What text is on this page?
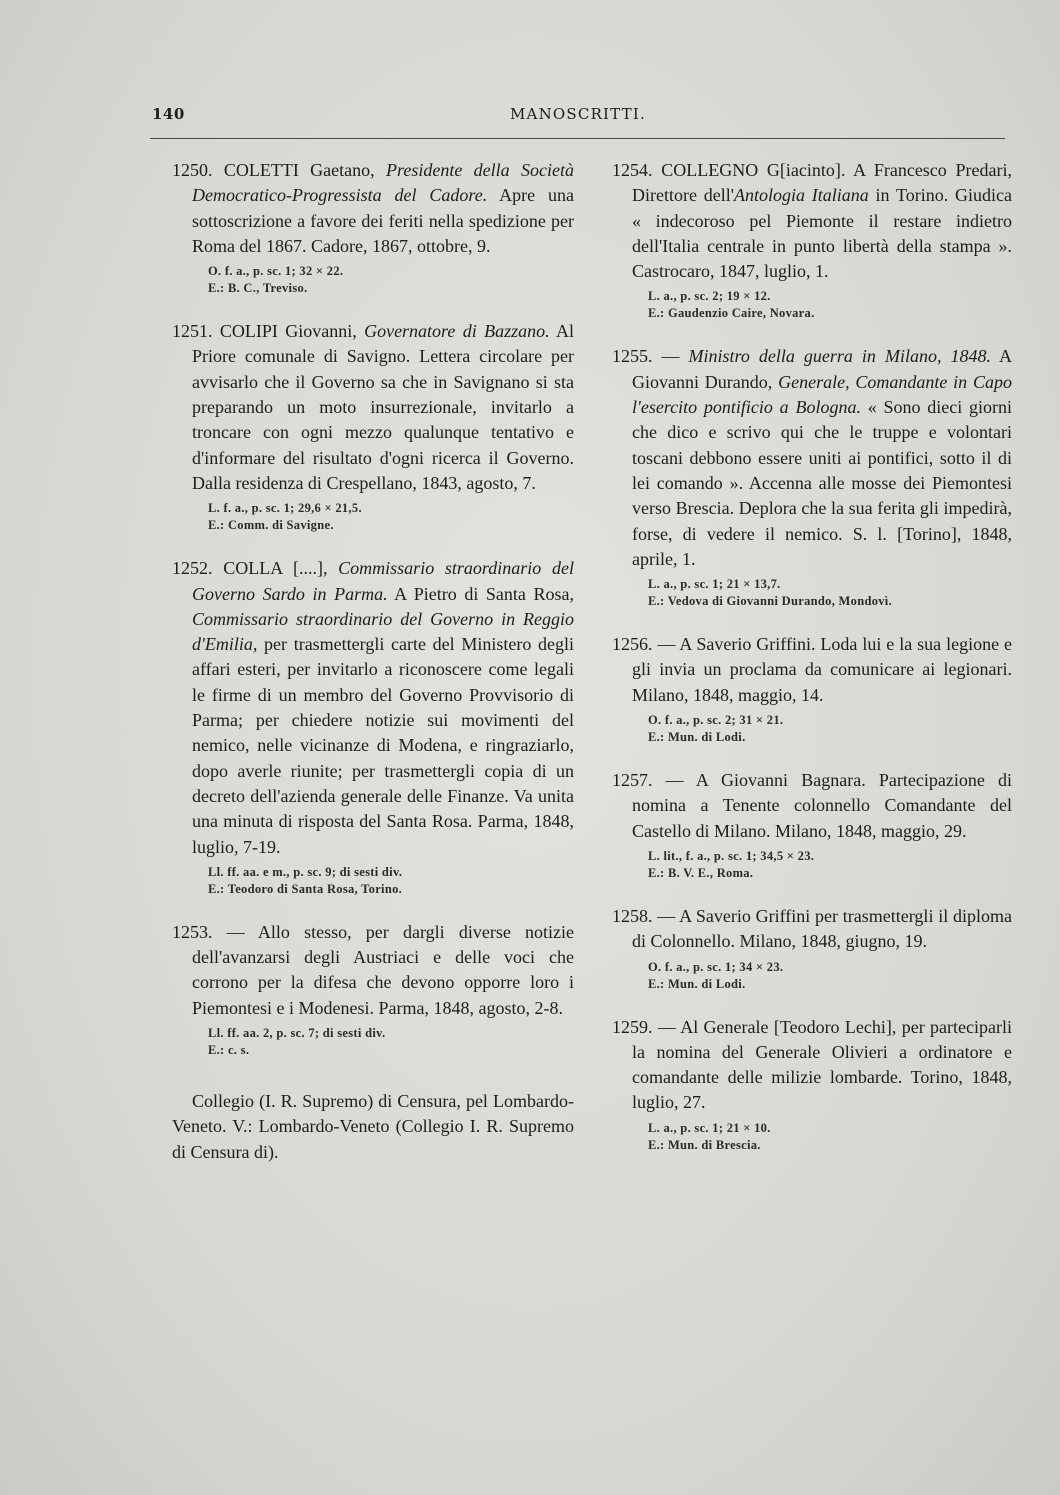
140	MANOSCRITTI.

1250. COLETTI Gaetano, Presidente della Società Democratico-Progressista del Cadore. Apre una sottoscrizione a favore dei feriti nella spedizione per Roma del 1867. Cadore, 1867, ottobre, 9.

O. f. a., p. sc. 1; 32 × 22.
E.: B. C., Treviso.

1251. COLIPI Giovanni, Governatore di Bazzano. Al Priore comunale di Savigno. Lettera circolare per avvisarlo che il Governo sa che in Savignano si sta preparando un moto insurrezionale, invitarlo a troncare con ogni mezzo qualunque tentativo e d'informare del risultato d'ogni ricerca il Governo. Dalla residenza di Crespellano, 1843, agosto, 7.

L. f. a., p. sc. 1; 29,6 × 21,5.
E.: Comm. di Savigne.

1252. COLLA [....], Commissario straordinario del Governo Sardo in Parma. A Pietro di Santa Rosa, Commissario straordinario del Governo in Reggio d'Emilia, per trasmettergli carte del Ministero degli affari esteri, per invitarlo a riconoscere come legali le firme di un membro del Governo Provvisorio di Parma; per chiedere notizie sui movimenti del nemico, nelle vicinanze di Modena, e ringraziarlo, dopo averle riunite; per trasmettergli copia di un decreto dell'azienda generale delle Finanze. Va unita una minuta di risposta del Santa Rosa. Parma, 1848, luglio, 7-19.

Ll. ff. aa. e m., p. sc. 9; di sesti div.
E.: Teodoro di Santa Rosa, Torino.

1253. — Allo stesso, per dargli diverse notizie dell'avanzarsi degli Austriaci e delle voci che corrono per la difesa che devono opporre loro i Piemontesi e i Modenesi. Parma, 1848, agosto, 2-8.

Ll. ff. aa. 2, p. sc. 7; di sesti div.
E.: c. s.

Collegio (I. R. Supremo) di Censura, pel Lombardo-Veneto. V.: Lombardo-Veneto (Collegio I. R. Supremo di Censura di).

1254. COLLEGNO G[iacinto]. A Francesco Predari, Direttore dell'Antologia Italiana in Torino. Giudica « indecoroso pel Piemonte il restare indietro dell'Italia centrale in punto libertà della stampa ». Castrocaro, 1847, luglio, 1.

L. a., p. sc. 2; 19 × 12.
E.: Gaudenzio Caire, Novara.

1255. — Ministro della guerra in Milano, 1848. A Giovanni Durando, Generale, Comandante in Capo l'esercito pontificio a Bologna. « Sono dieci giorni che dico e scrivo qui che le truppe e volontari toscani debbono essere uniti ai pontifici, sotto il di lei comando ». Accenna alle mosse dei Piemontesi verso Brescia. Deplora che la sua ferita gli impedirà, forse, di vedere il nemico. S. l. [Torino], 1848, aprile, 1.

L. a., p. sc. 1; 21 × 13,7.
E.: Vedova di Giovanni Durando, Mondovì.

1256. — A Saverio Griffini. Loda lui e la sua legione e gli invia un proclama da comunicare ai legionari. Milano, 1848, maggio, 14.

O. f. a., p. sc. 2; 31 × 21.
E.: Mun. di Lodi.

1257. — A Giovanni Bagnara. Partecipazione di nomina a Tenente colonnello Comandante del Castello di Milano. Milano, 1848, maggio, 29.

L. lit., f. a., p. sc. 1; 34,5 × 23.
E.: B. V. E., Roma.

1258. — A Saverio Griffini per trasmettergli il diploma di Colonnello. Milano, 1848, giugno, 19.

O. f. a., p. sc. 1; 34 × 23.
E.: Mun. di Lodi.

1259. — Al Generale [Teodoro Lechi], per parteciparli la nomina del Generale Olivieri a ordinatore e comandante delle milizie lombarde. Torino, 1848, luglio, 27.

L. a., p. sc. 1; 21 × 10.
E.: Mun. di Brescia.
